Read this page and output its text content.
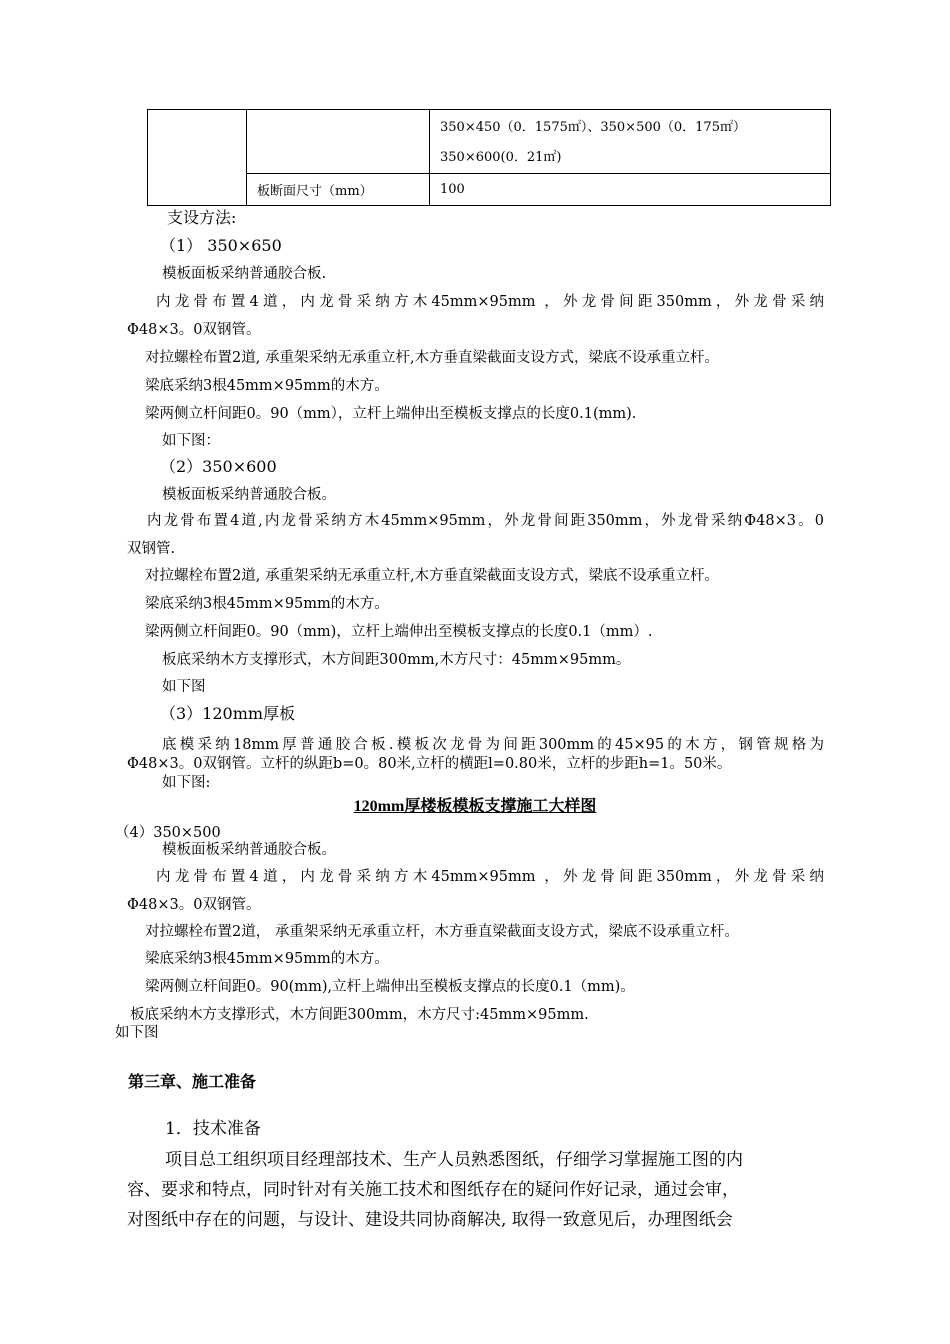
		350×450（0．1575㎡）、350×500（0．175㎡）
350×600(0．21㎡)

	板断面尺寸（mm）	100
支设方法:
（1） 350×650
模板面板采纳普通胶合板.
内龙骨布置4道，内龙骨采纳方木45mm×95mm ，外龙骨间距350mm，外龙骨采纳
Φ48×3。0双钢管。
对拉螺栓布置2道, 承重架采纳无承重立杆,木方垂直梁截面支设方式，梁底不设承重立杆。
梁底采纳3根45mm×95mm的木方。
梁两侧立杆间距0。90（mm），立杆上端伸出至模板支撑点的长度0.1(mm).
如下图：
（2）350×600
模板面板采纳普通胶合板。
内龙骨布置4道,内龙骨采纳方木45mm×95mm，外龙骨间距350mm，外龙骨采纳Φ48×3。0
双钢管.
对拉螺栓布置2道, 承重架采纳无承重立杆,木方垂直梁截面支设方式，梁底不设承重立杆。
梁底采纳3根45mm×95mm的木方。
梁两侧立杆间距0。90（mm)，立杆上端伸出至模板支撑点的长度0.1（mm）.
板底采纳木方支撑形式，木方间距300mm,木方尺寸：45mm×95mm。
如下图
（3）120mm厚板
底模采纳18mm厚普通胶合板.模板次龙骨为间距300mm的45×95的木方，钢管规格为
Φ48×3。0双钢管。立杆的纵距b=0。80米,立杆的横距l=0.80米，立杆的步距h=1。50米。
如下图:
120mm厚楼板模板支撑施工大样图
（4）350×500
模板面板采纳普通胶合板。
内龙骨布置4道，内龙骨采纳方木45mm×95mm ，外龙骨间距350mm，外龙骨采纳
Φ48×3。0双钢管。
对拉螺栓布置2道， 承重架采纳无承重立杆，木方垂直梁截面支设方式，梁底不设承重立杆。
梁底采纳3根45mm×95mm的木方。
梁两侧立杆间距0。90(mm),立杆上端伸出至模板支撑点的长度0.1（mm)。
板底采纳木方支撑形式，木方间距300mm，木方尺寸:45mm×95mm.
如下图
第三章、施工准备
1．技术准备
项目总工组织项目经理部技术、生产人员熟悉图纸，仔细学习掌握施工图的内
容、要求和特点，同时针对有关施工技术和图纸存在的疑问作好记录，通过会审，
对图纸中存在的问题，与设计、建设共同协商解决, 取得一致意见后，办理图纸会
